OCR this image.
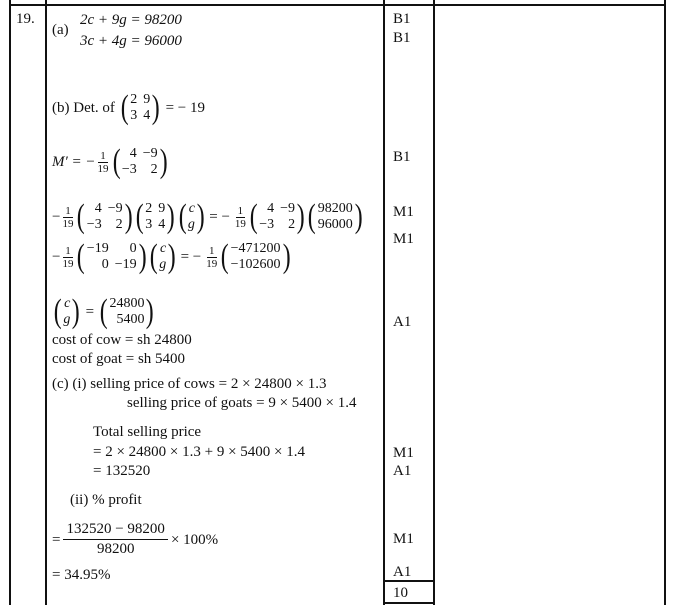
19.
(a)
2c + 9g = 98200
3c + 4g = 96000
(b) Det. of ( 2
3
9
4 ) = − 19
M′ = − $\frac{1}{19}$ ( 4
−3
−9
2 )
− $\frac{1}{19}$ ( 4
−3
−9
2 ) ( 2
3
9
4 ) ( c
g ) = − $\frac{1}{19}$ ( 4
−3
−9
2 ) ( 98200
96000 )
− $\frac{1}{19}$ ( −19
0
0
−19 ) ( c
g ) = − $\frac{1}{19}$ ( −471200
−102600 )
( c
g ) = ( 24800
5400 )
cost of cow = sh 24800
cost of goat = sh 5400
(c) (i) selling price of cows = 2 × 24800 × 1.3
selling price of goats = 9 × 5400 × 1.4
Total selling price
= 2 × 24800 × 1.3 + 9 × 5400 × 1.4
= 132520
(ii) % profit
= $\frac{132520 - 98200}{98200} \times 100\%$
= 34.95%
B1
B1
B1
M1
M1
A1
M1
A1
M1
A1
10
